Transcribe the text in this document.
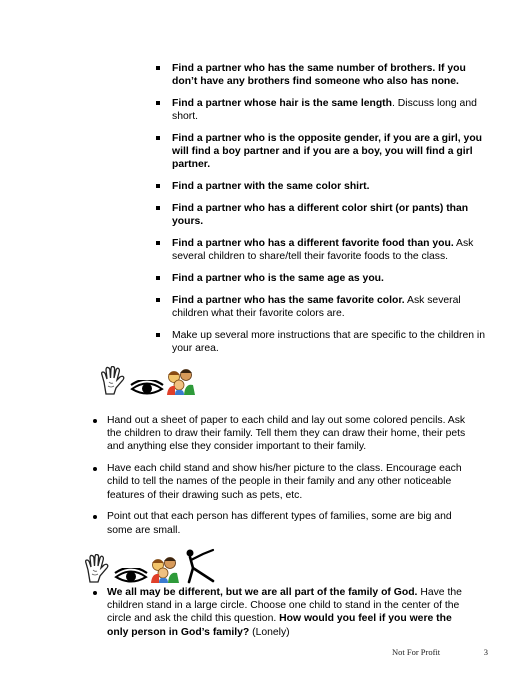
Find a partner who has the same number of brothers. If you don’t have any brothers find someone who also has none.
Find a partner whose hair is the same length. Discuss long and short.
Find a partner who is the opposite gender, if you are a girl, you will find a boy partner and if you are a boy, you will find a girl partner.
Find a partner with the same color shirt.
Find a partner who has a different color shirt (or pants) than yours.
Find a partner who has a different favorite food than you. Ask several children to share/tell their favorite foods to the class.
Find a partner who is the same age as you.
Find a partner who has the same favorite color. Ask several children what their favorite colors are.
Make up several more instructions that are specific to the children in your area.
Hand out a sheet of paper to each child and lay out some colored pencils. Ask the children to draw their family. Tell them they can draw their home, their pets and anything else they consider important to their family.
Have each child stand and show his/her picture to the class. Encourage each child to tell the names of the people in their family and any other noticeable features of their drawing such as pets, etc.
Point out that each person has different types of families, some are big and some are small.
We all may be different, but we are all part of the family of God. Have the children stand in a large circle. Choose one child to stand in the center of the circle and ask the child this question. How would you feel if you were the only person in God’s family? (Lonely)
Not For Profit	3
